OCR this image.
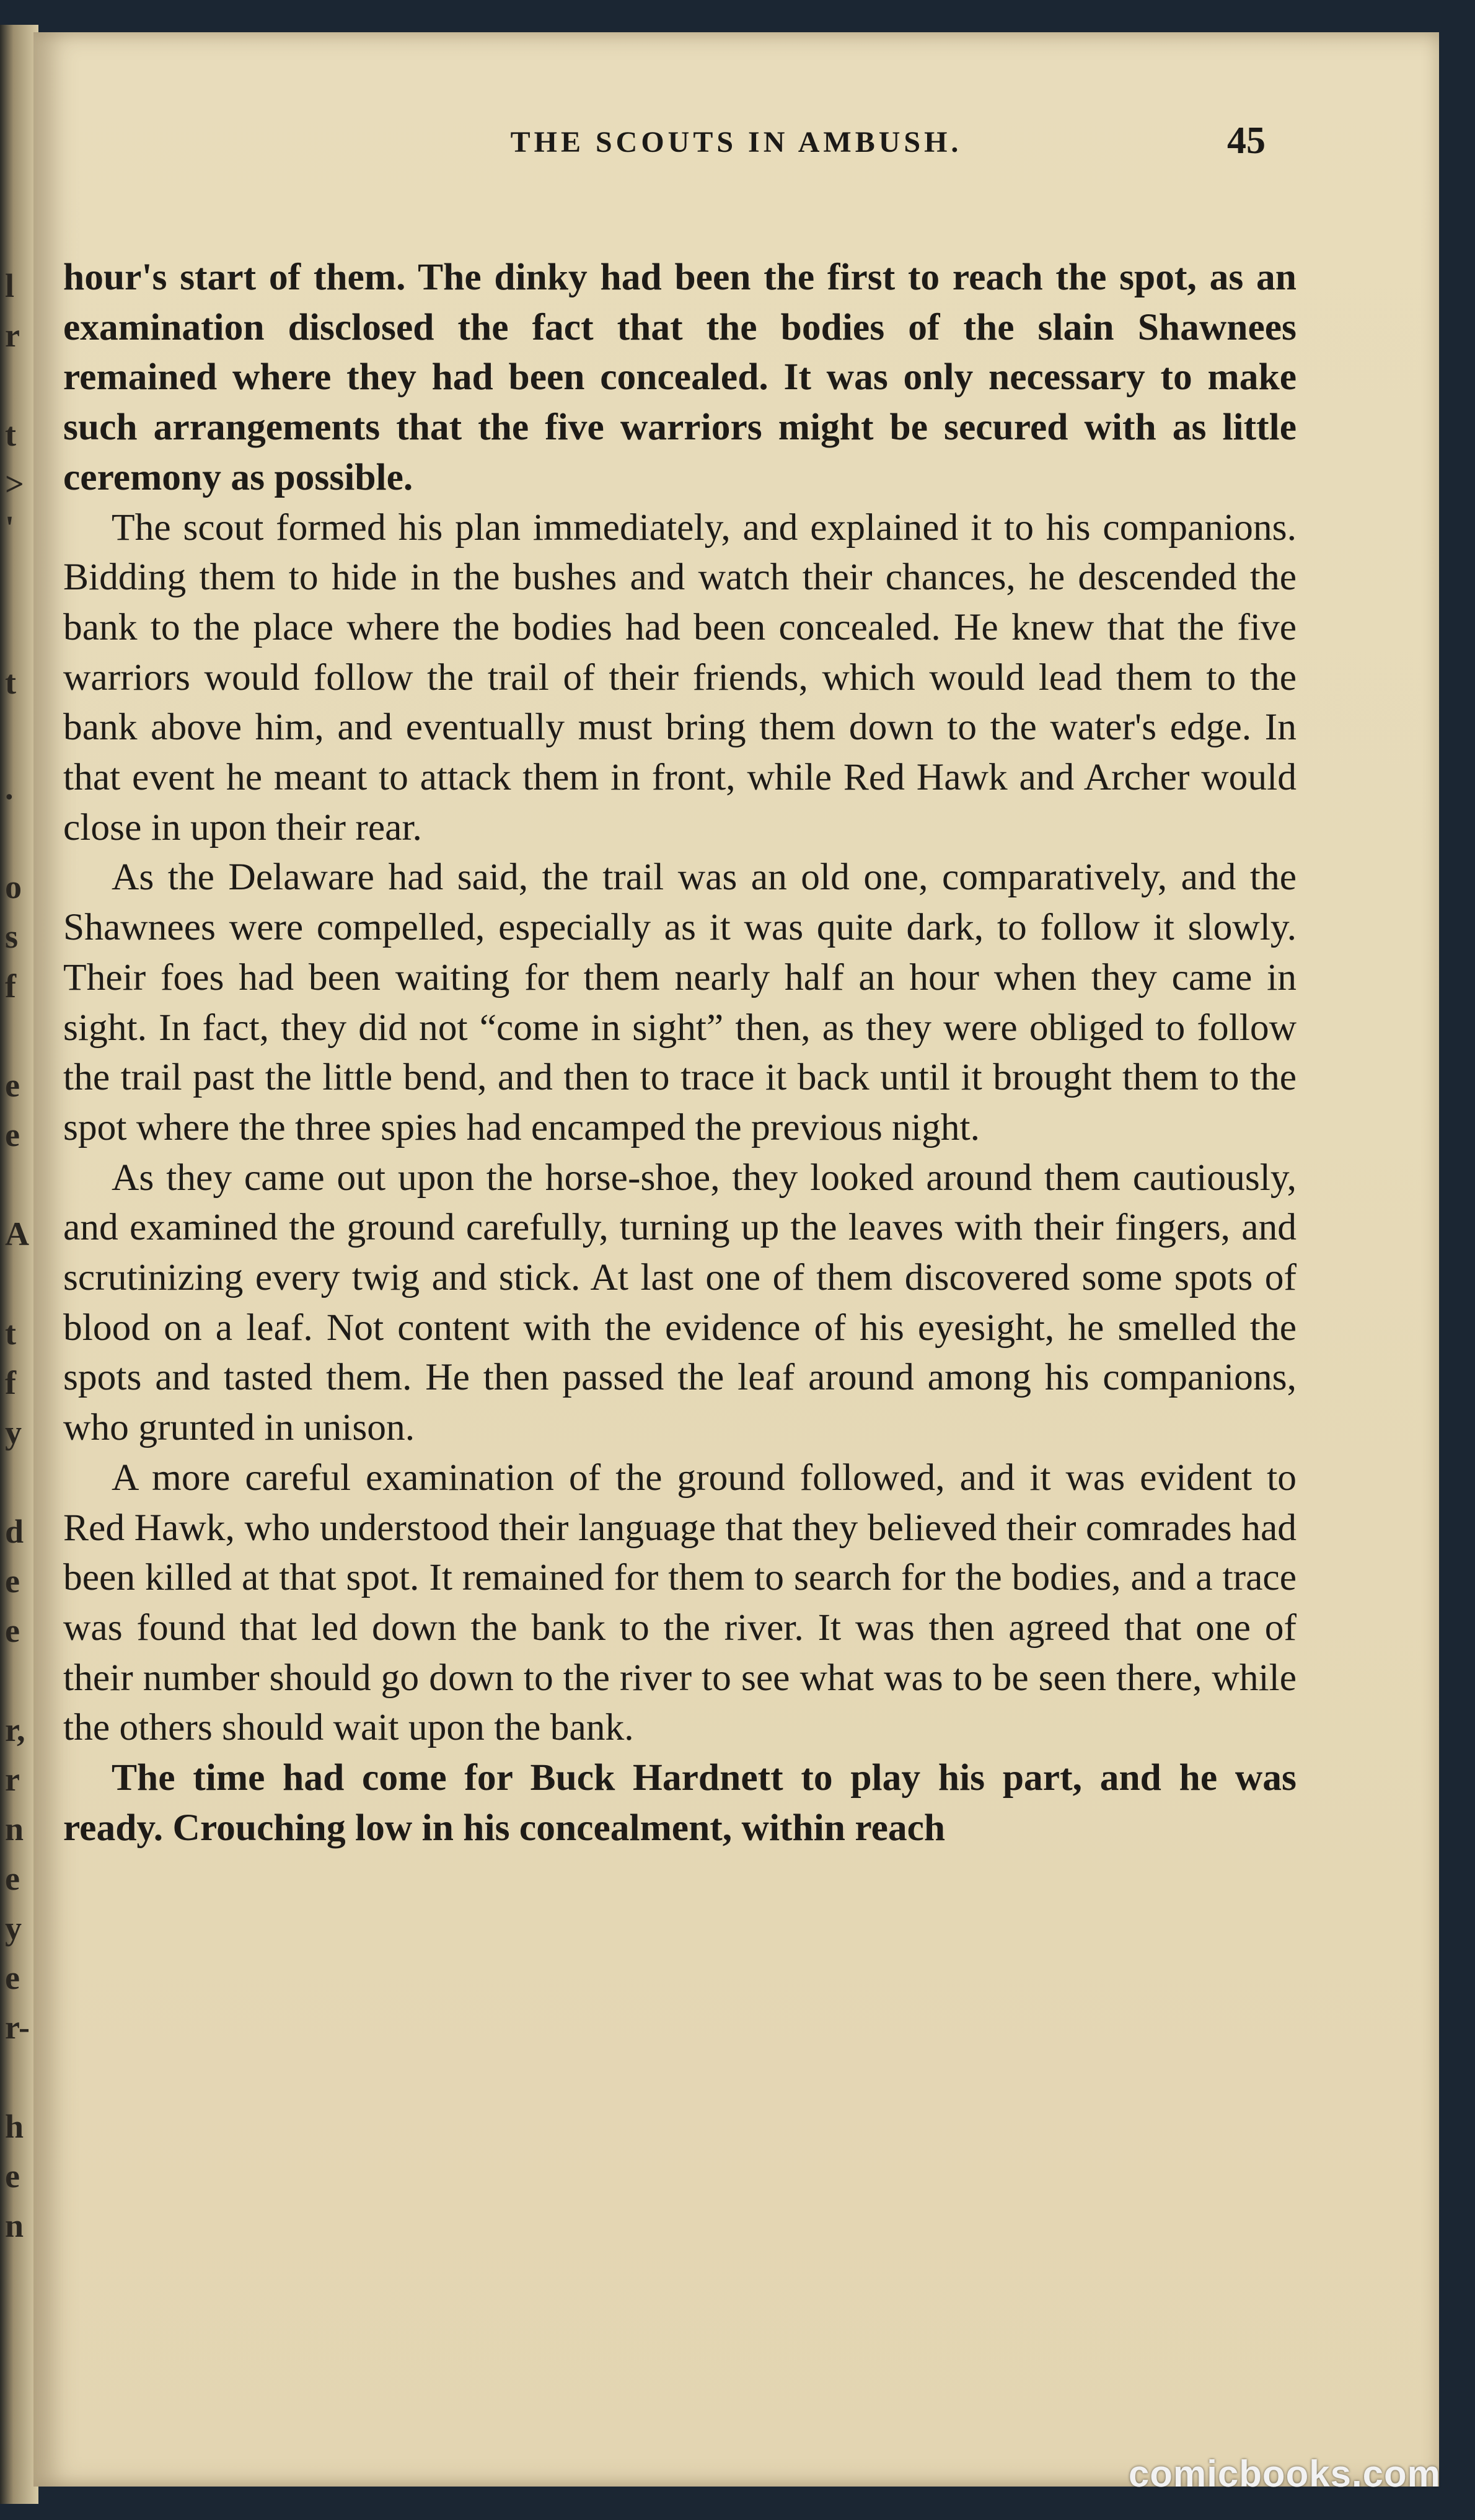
l
r
t
>
'
t
.
o
s
f
e
e
A
t
f
y
d
e
e
r,
r
n
e
y
e
r-
h
e
n
THE SCOUTS IN AMBUSH.	45

hour's start of them. The dinky had been the first to reach the spot, as an examination disclosed the fact that the bodies of the slain Shawnees remained where they had been concealed. It was only necessary to make such arrangements that the five warriors might be secured with as little ceremony as possible.

The scout formed his plan immediately, and explained it to his companions. Bidding them to hide in the bushes and watch their chances, he descended the bank to the place where the bodies had been concealed. He knew that the five warriors would follow the trail of their friends, which would lead them to the bank above him, and eventually must bring them down to the water's edge. In that event he meant to attack them in front, while Red Hawk and Archer would close in upon their rear.

As the Delaware had said, the trail was an old one, comparatively, and the Shawnees were compelled, especially as it was quite dark, to follow it slowly. Their foes had been waiting for them nearly half an hour when they came in sight. In fact, they did not “come in sight” then, as they were obliged to follow the trail past the little bend, and then to trace it back until it brought them to the spot where the three spies had encamped the previous night.

As they came out upon the horse-shoe, they looked around them cautiously, and examined the ground carefully, turning up the leaves with their fingers, and scrutinizing every twig and stick. At last one of them discovered some spots of blood on a leaf. Not content with the evidence of his eyesight, he smelled the spots and tasted them. He then passed the leaf around among his companions, who grunted in unison.

A more careful examination of the ground followed, and it was evident to Red Hawk, who understood their language that they believed their comrades had been killed at that spot. It remained for them to search for the bodies, and a trace was found that led down the bank to the river. It was then agreed that one of their number should go down to the river to see what was to be seen there, while the others should wait upon the bank.

The time had come for Buck Hardnett to play his part, and he was ready. Crouching low in his concealment, within reach

comicbooks.com
